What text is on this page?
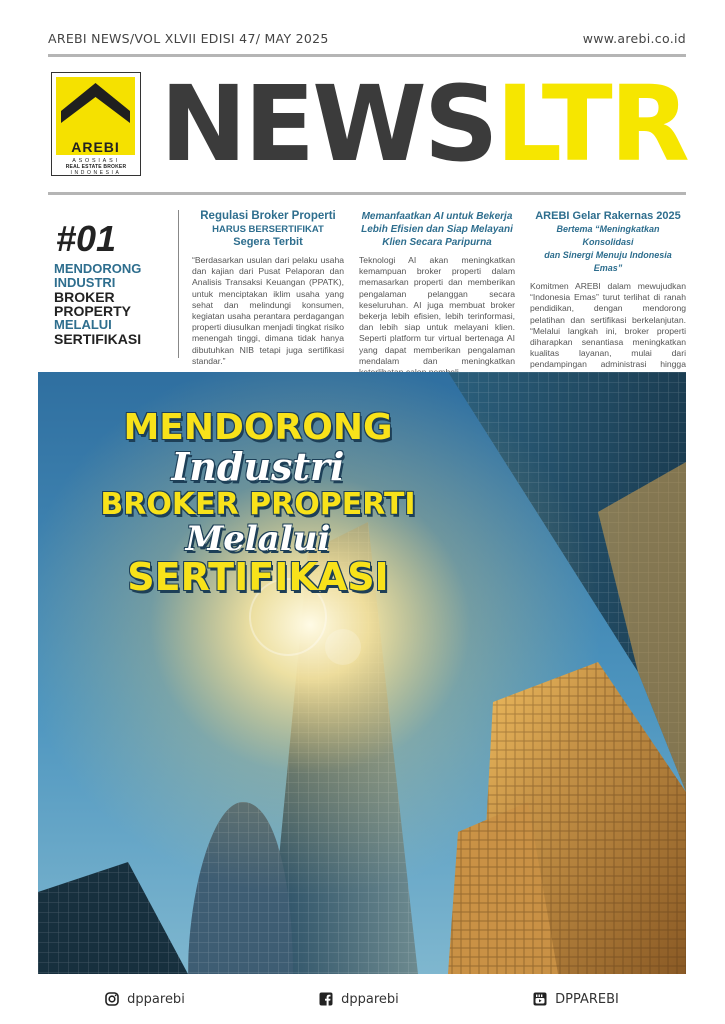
AREBI NEWS/VOL XLVII EDISI 47/ MAY 2025	www.arebi.co.id
AREBI
ASOSIASI
REAL ESTATE BROKER
INDONESIA NEWSLTR
#01
MENDORONG
INDUSTRI
BROKER
PROPERTY
MELALUI
SERTIFIKASI
Regulasi Broker Properti
HARUS BERSERTIFIKAT
Segera Terbit
“Berdasarkan usulan dari pelaku usaha dan kajian dari Pusat Pelaporan dan Analisis Transaksi Keuangan (PPATK), untuk menciptakan iklim usaha yang sehat dan melindungi konsumen, kegiatan usaha perantara perdagangan properti diusulkan menjadi tingkat risiko menengah tinggi, dimana tidak hanya dibutuhkan NIB tetapi juga sertifikasi standar.”
Memanfaatkan AI untuk Bekerja
Lebih Efisien dan Siap Melayani
Klien Secara Paripurna
Teknologi AI akan meningkatkan kemampuan broker properti dalam memasarkan properti dan memberikan pengalaman pelanggan secara keseluruhan. AI juga membuat broker bekerja lebih efisien, lebih terinformasi, dan lebih siap untuk melayani klien. Seperti platform tur virtual bertenaga AI yang dapat memberikan pengalaman mendalam dan meningkatkan
AREBI Gelar Rakernas 2025
Bertema “Meningkatkan Konsolidasi
dan Sinergi Menuju Indonesia Emas”
Komitmen AREBI dalam mewujudkan “Indonesia Emas” turut terlihat di ranah pendidikan, dengan mendorong pelatihan dan sertifikasi berkelanjutan. “Melalui langkah ini, broker properti diharapkan senantiasa meningkatkan kualitas layanan, mulai dari pendampingan administrasi hingga
MENDORONG
Industri
BROKER PROPERTI
Melalui
SERTIFIKASI
dpparebi	dpparebi	DPPAREBI
